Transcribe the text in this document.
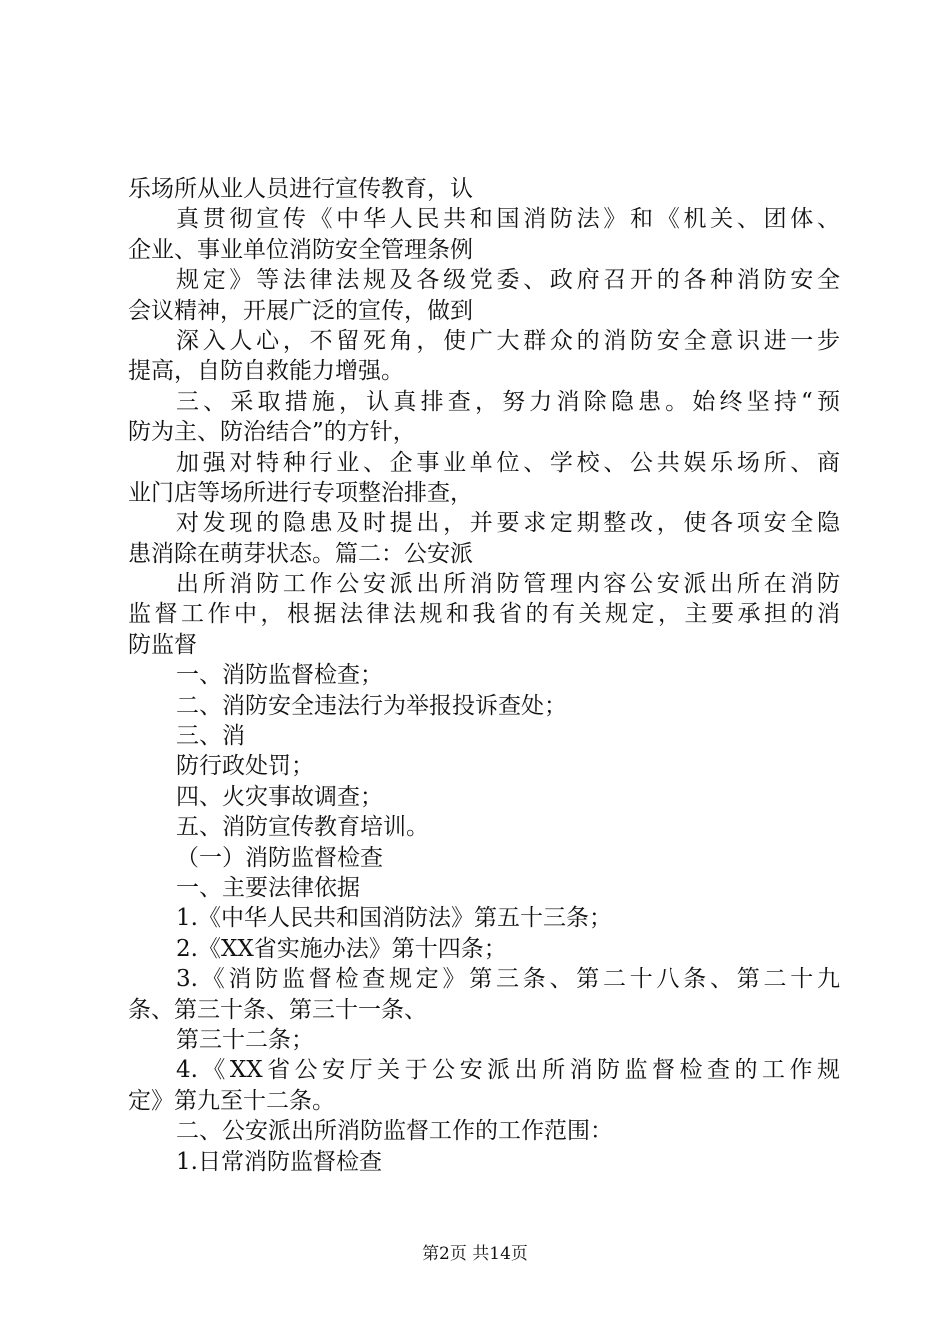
乐场所从业人员进行宣传教育，认
真贯彻宣传《中华人民共和国消防法》和《机关、团体、
企业、事业单位消防安全管理条例
规定》等法律法规及各级党委、政府召开的各种消防安全
会议精神，开展广泛的宣传，做到
深入人心，不留死角，使广大群众的消防安全意识进一步
提高，自防自救能力增强。
三、采取措施，认真排查，努力消除隐患。始终坚持“预
防为主、防治结合”的方针，
加强对特种行业、企事业单位、学校、公共娱乐场所、商
业门店等场所进行专项整治排查，
对发现的隐患及时提出，并要求定期整改，使各项安全隐
患消除在萌芽状态。篇二：公安派
出所消防工作公安派出所消防管理内容公安派出所在消防
监督工作中，根据法律法规和我省的有关规定，主要承担的消
防监督
一、消防监督检查；
二、消防安全违法行为举报投诉查处；
三、消
防行政处罚；
四、火灾事故调查；
五、消防宣传教育培训。
（一）消防监督检查
一、主要法律依据
1.《中华人民共和国消防法》第五十三条；
2.《XX省实施办法》第十四条；
3.《消防监督检查规定》第三条、第二十八条、第二十九
条、第三十条、第三十一条、
第三十二条；
4.《XX省公安厅关于公安派出所消防监督检查的工作规
定》第九至十二条。
二、公安派出所消防监督工作的工作范围：
1.日常消防监督检查
第2页 共14页
